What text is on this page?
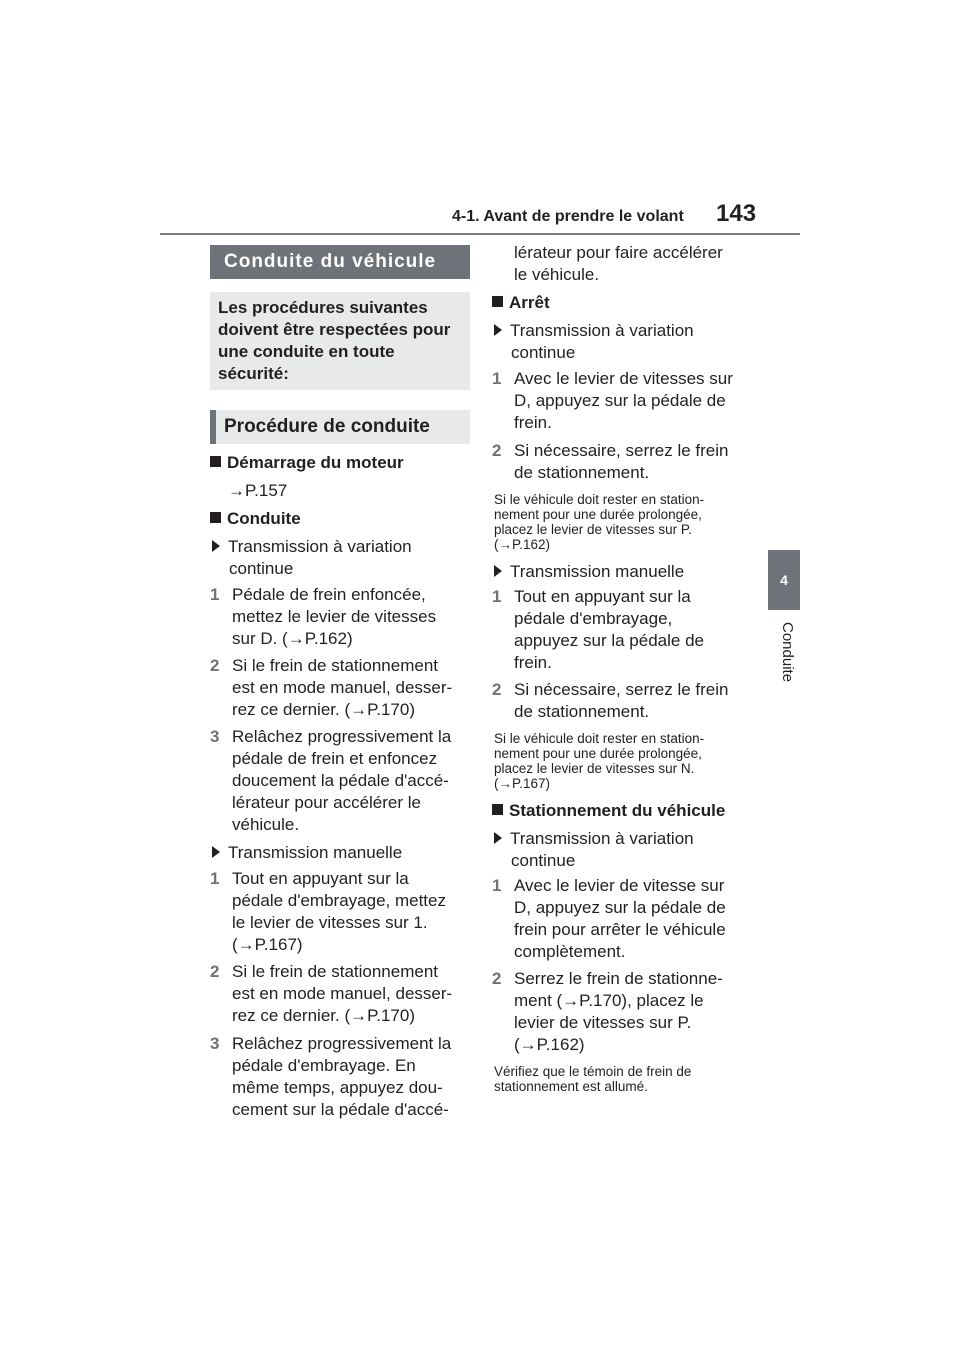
4-1. Avant de prendre le volant 143
4
Conduite
Conduite du véhicule
Les procédures suivantes doivent être respectées pour une conduite en toute sécurité:
Procédure de conduite
Démarrage du moteur
→P.157
Conduite
Transmission à variation
continue
1 Pédale de frein enfoncée,
mettez le levier de vitesses
sur D. (→P.162)
2 Si le frein de stationnement
est en mode manuel, desser-
rez ce dernier. (→P.170)
3 Relâchez progressivement la
pédale de frein et enfoncez
doucement la pédale d'accé-
lérateur pour accélérer le
véhicule.
Transmission manuelle
1 Tout en appuyant sur la
pédale d'embrayage, mettez
le levier de vitesses sur 1.
(→P.167)
2 Si le frein de stationnement
est en mode manuel, desser-
rez ce dernier. (→P.170)
3 Relâchez progressivement la
pédale d'embrayage. En
même temps, appuyez dou-
cement sur la pédale d'accé-
lérateur pour faire accélérer
le véhicule.
Arrêt
Transmission à variation
continue
1 Avec le levier de vitesses sur
D, appuyez sur la pédale de
frein.
2 Si nécessaire, serrez le frein
de stationnement.
Si le véhicule doit rester en station-
nement pour une durée prolongée,
placez le levier de vitesses sur P.
(→P.162)
Transmission manuelle
1 Tout en appuyant sur la
pédale d'embrayage,
appuyez sur la pédale de
frein.
2 Si nécessaire, serrez le frein
de stationnement.
Si le véhicule doit rester en station-
nement pour une durée prolongée,
placez le levier de vitesses sur N.
(→P.167)
Stationnement du véhicule
Transmission à variation
continue
1 Avec le levier de vitesse sur
D, appuyez sur la pédale de
frein pour arrêter le véhicule
complètement.
2 Serrez le frein de stationne-
ment (→P.170), placez le
levier de vitesses sur P.
(→P.162)
Vérifiez que le témoin de frein de
stationnement est allumé.
